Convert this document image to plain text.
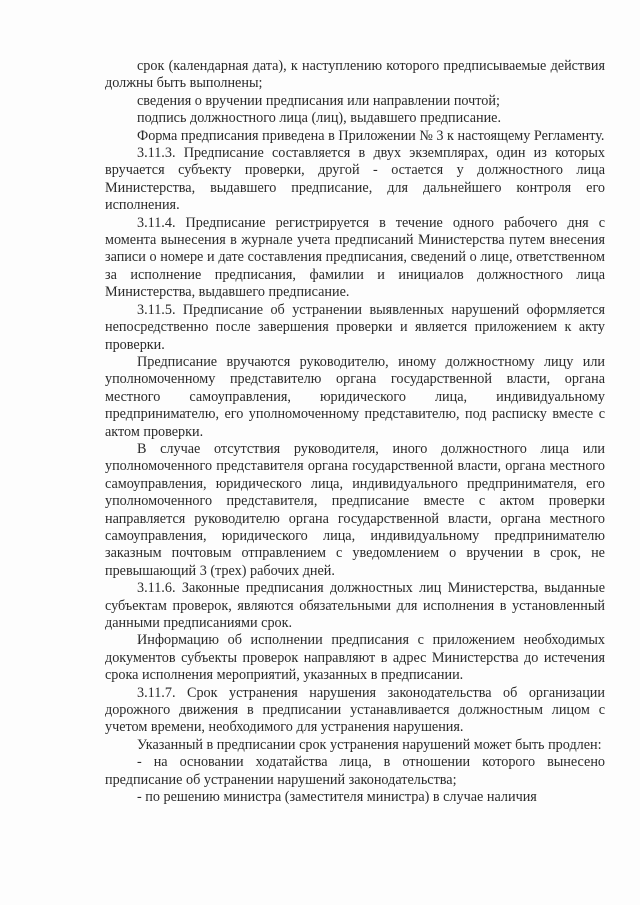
срок (календарная дата), к наступлению которого предписываемые действия должны быть выполнены;

сведения о вручении предписания или направлении почтой;

подпись должностного лица (лиц), выдавшего предписание.

Форма предписания приведена в Приложении № 3 к настоящему Регламенту.

3.11.3. Предписание составляется в двух экземплярах, один из которых вручается субъекту проверки, другой - остается у должностного лица Министерства, выдавшего предписание, для дальнейшего контроля его исполнения.

3.11.4. Предписание регистрируется в течение одного рабочего дня с момента вынесения в журнале учета предписаний Министерства путем внесения записи о номере и дате составления предписания, сведений о лице, ответственном за исполнение предписания, фамилии и инициалов должностного лица Министерства, выдавшего предписание.

3.11.5. Предписание об устранении выявленных нарушений оформляется непосредственно после завершения проверки и является приложением к акту проверки.

Предписание вручаются руководителю, иному должностному лицу или уполномоченному представителю органа государственной власти, органа местного самоуправления, юридического лица, индивидуальному предпринимателю, его уполномоченному представителю, под расписку вместе с актом проверки.

В случае отсутствия руководителя, иного должностного лица или уполномоченного представителя органа государственной власти, органа местного самоуправления, юридического лица, индивидуального предпринимателя, его уполномоченного представителя, предписание вместе с актом проверки направляется руководителю органа государственной власти, органа местного самоуправления, юридического лица, индивидуальному предпринимателю заказным почтовым отправлением с уведомлением о вручении в срок, не превышающий 3 (трех) рабочих дней.

3.11.6. Законные предписания должностных лиц Министерства, выданные субъектам проверок, являются обязательными для исполнения в установленный данными предписаниями срок.

Информацию об исполнении предписания с приложением необходимых документов субъекты проверок направляют в адрес Министерства до истечения срока исполнения мероприятий, указанных в предписании.

3.11.7. Срок устранения нарушения законодательства об организации дорожного движения в предписании устанавливается должностным лицом с учетом времени, необходимого для устранения нарушения.

Указанный в предписании срок устранения нарушений может быть продлен:

- на основании ходатайства лица, в отношении которого вынесено предписание об устранении нарушений законодательства;

- по решению министра (заместителя министра) в случае наличия
